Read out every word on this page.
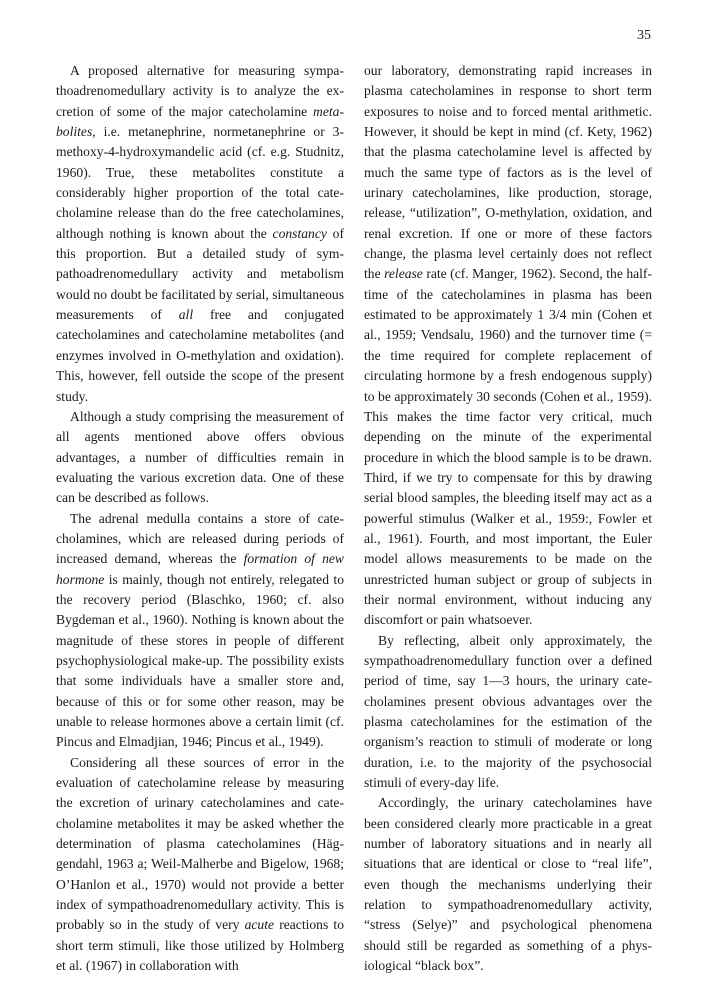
35

A proposed alternative for measuring sympathoadrenomedullary activity is to analyze the excretion of some of the major catecholamine metabolites, i.e. metanephrine, normetanephrine or 3-methoxy-4-hydroxymandelic acid (cf. e.g. Studnitz, 1960). True, these metabolites constitute a considerably higher proportion of the total catecholamine release than do the free catecholamines, although nothing is known about the constancy of this proportion. But a detailed study of sympathoadrenomedullary activity and metabolism would no doubt be facilitated by serial, simultaneous measurements of all free and conjugated catecholamines and catecholamine metabolites (and enzymes involved in O-methylation and oxidation). This, however, fell outside the scope of the present study.

Although a study comprising the measurement of all agents mentioned above offers obvious advantages, a number of difficulties remain in evaluating the various excretion data. One of these can be described as follows.

The adrenal medulla contains a store of catecholamines, which are released during periods of increased demand, whereas the formation of new hormone is mainly, though not entirely, relegated to the recovery period (Blaschko, 1960; cf. also Bygdeman et al., 1960). Nothing is known about the magnitude of these stores in people of different psychophysiological make-up. The possibility exists that some individuals have a smaller store and, because of this or for some other reason, may be unable to release hormones above a certain limit (cf. Pincus and Elmadjian, 1946; Pincus et al., 1949).

Considering all these sources of error in the evaluation of catecholamine release by measuring the excretion of urinary catecholamines and catecholamine metabolites it may be asked whether the determination of plasma catecholamines (Häggendahl, 1963 a; Weil-Malherbe and Bigelow, 1968; O’Hanlon et al., 1970) would not provide a better index of sympathoadrenomedullary activity. This is probably so in the study of very acute reactions to short term stimuli, like those utilized by Holmberg et al. (1967) in collaboration with

our laboratory, demonstrating rapid increases in plasma catecholamines in response to short term exposures to noise and to forced mental arithmetic. However, it should be kept in mind (cf. Kety, 1962) that the plasma catecholamine level is affected by much the same type of factors as is the level of urinary catecholamines, like production, storage, release, “utilization”, O-methylation, oxidation, and renal excretion. If one or more of these factors change, the plasma level certainly does not reflect the release rate (cf. Manger, 1962). Second, the half-time of the catecholamines in plasma has been estimated to be approximately 1 3/4 min (Cohen et al., 1959; Vendsalu, 1960) and the turnover time (= the time required for complete replacement of circulating hormone by a fresh endogenous supply) to be approximately 30 seconds (Cohen et al., 1959). This makes the time factor very critical, much depending on the minute of the experimental procedure in which the blood sample is to be drawn. Third, if we try to compensate for this by drawing serial blood samples, the bleeding itself may act as a powerful stimulus (Walker et al., 1959:, Fowler et al., 1961). Fourth, and most important, the Euler model allows measurements to be made on the unrestricted human subject or group of subjects in their normal environment, without inducing any discomfort or pain whatsoever.

By reflecting, albeit only approximately, the sympathoadrenomedullary function over a defined period of time, say 1—3 hours, the urinary catecholamines present obvious advantages over the plasma catecholamines for the estimation of the organism’s reaction to stimuli of moderate or long duration, i.e. to the majority of the psychosocial stimuli of every-day life.

Accordingly, the urinary catecholamines have been considered clearly more practicable in a great number of laboratory situations and in nearly all situations that are identical or close to “real life”, even though the mechanisms underlying their relation to sympathoadrenomedullary activity, “stress (Selye)” and psychological phenomena should still be regarded as something of a physiological “black box”.
